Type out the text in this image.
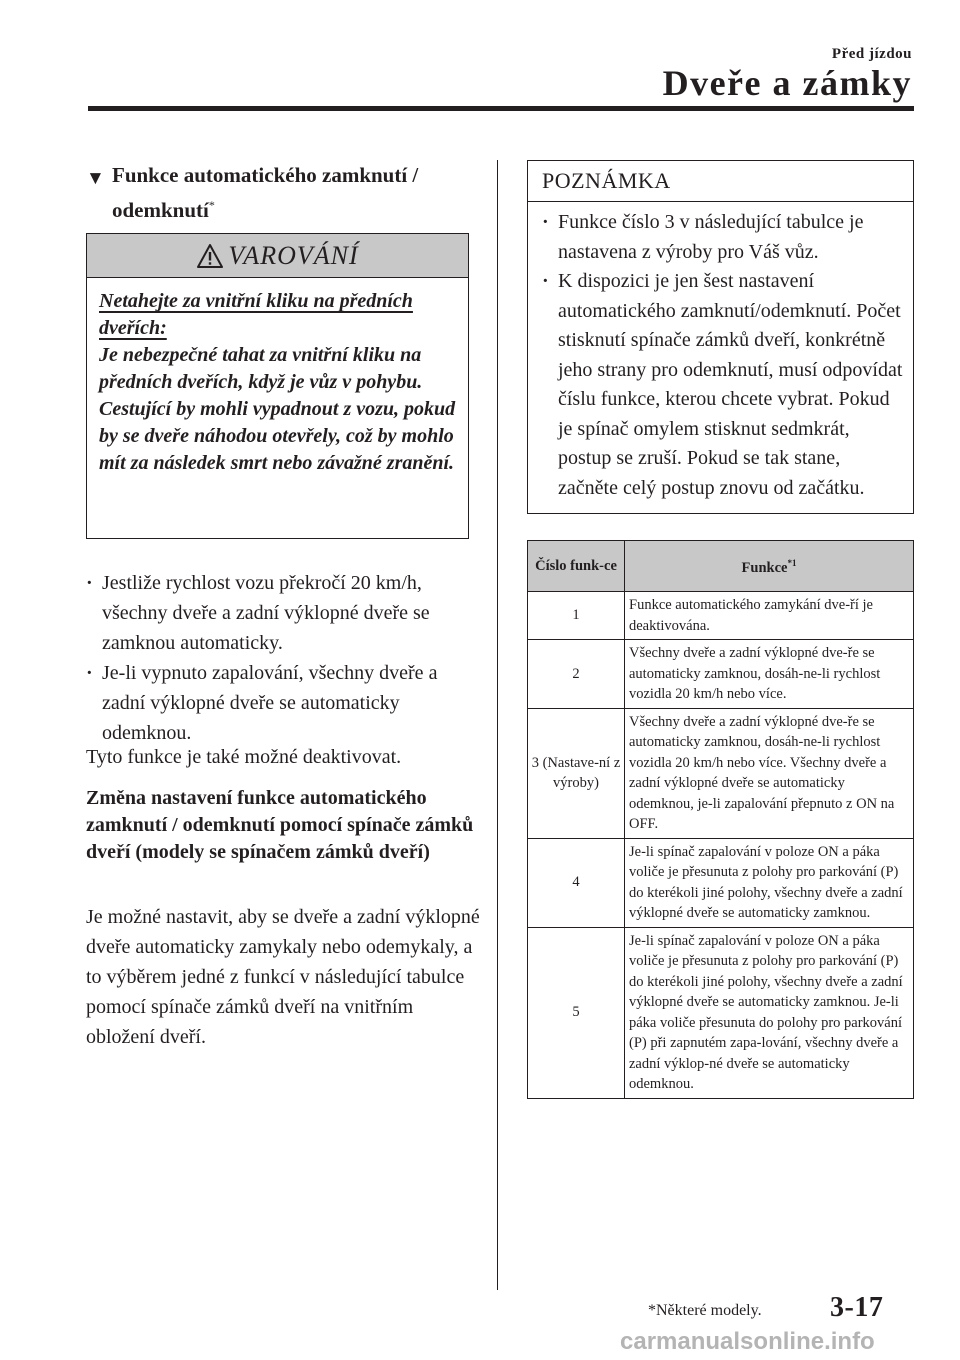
Před jízdou
Dveře a zámky
▼ Funkce automatického zamknutí / odemknutí*
VAROVÁNÍ
Netahejte za vnitřní kliku na předních dveřích:
Je nebezpečné tahat za vnitřní kliku na předních dveřích, když je vůz v pohybu. Cestující by mohli vypadnout z vozu, pokud by se dveře náhodou otevřely, což by mohlo mít za následek smrt nebo závažné zranění.
· Jestliže rychlost vozu překročí 20 km/h, všechny dveře a zadní výklopné dveře se zamknou automaticky.
· Je-li vypnuto zapalování, všechny dveře a zadní výklopné dveře se automaticky odemknou.
Tyto funkce je také možné deaktivovat.
Změna nastavení funkce automatického zamknutí / odemknutí pomocí spínače zámků dveří (modely se spínačem zámků dveří)
Je možné nastavit, aby se dveře a zadní výklopné dveře automaticky zamykaly nebo odemykaly, a to výběrem jedné z funkcí v následující tabulce pomocí spínače zámků dveří na vnitřním obložení dveří.
POZNÁMKA
· Funkce číslo 3 v následující tabulce je nastavena z výroby pro Váš vůz.
· K dispozici je jen šest nastavení automatického zamknutí/odemknutí. Počet stisknutí spínače zámků dveří, konkrétně jeho strany pro odemknutí, musí odpovídat číslu funkce, kterou chcete vybrat. Pokud je spínač omylem stisknut sedmkrát, postup se zruší. Pokud se tak stane, začněte celý postup znovu od začátku.
Číslo funk-ce	Funkce$^{*1}$
1	Funkce automatického zamykání dve-ří je deaktivována.
2	Všechny dveře a zadní výklopné dve-ře se automaticky zamknou, dosáh-ne-li rychlost vozidla 20 km/h nebo více.
3 (Nastave-ní z výroby)	Všechny dveře a zadní výklopné dve-ře se automaticky zamknou, dosáh-ne-li rychlost vozidla 20 km/h nebo více. Všechny dveře a zadní výklopné dveře se automaticky odemknou, je-li zapalování přepnuto z ON na OFF.
4	Je-li spínač zapalování v poloze ON a páka voliče je přesunuta z polohy pro parkování (P) do kterékoli jiné polohy, všechny dveře a zadní výklopné dveře se automaticky zamknou.
5	Je-li spínač zapalování v poloze ON a páka voliče je přesunuta z polohy pro parkování (P) do kterékoli jiné polohy, všechny dveře a zadní výklopné dveře se automaticky zamknou. Je-li páka voliče přesunuta do polohy pro parkování (P) při zapnutém zapa-lování, všechny dveře a zadní výklop-né dveře se automaticky odemknou.
*Některé modely. 3-17
carmanualsonline.info
